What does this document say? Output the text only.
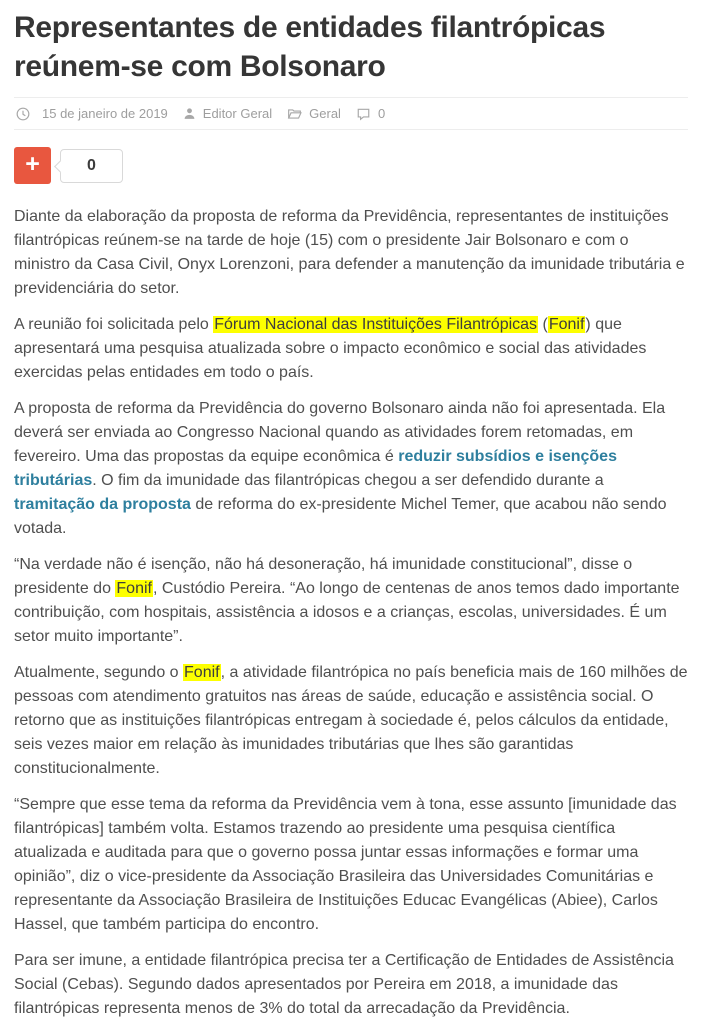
Representantes de entidades filantrópicas reúnem-se com Bolsonaro
15 de janeiro de 2019	Editor Geral	Geral	0
+	0

Diante da elaboração da proposta de reforma da Previdência, representantes de instituições filantrópicas reúnem-se na tarde de hoje (15) com o presidente Jair Bolsonaro e com o ministro da Casa Civil, Onyx Lorenzoni, para defender a manutenção da imunidade tributária e previdenciária do setor.

A reunião foi solicitada pelo Fórum Nacional das Instituições Filantrópicas (Fonif) que apresentará uma pesquisa atualizada sobre o impacto econômico e social das atividades exercidas pelas entidades em todo o país.

A proposta de reforma da Previdência do governo Bolsonaro ainda não foi apresentada. Ela deverá ser enviada ao Congresso Nacional quando as atividades forem retomadas, em fevereiro. Uma das propostas da equipe econômica é reduzir subsídios e isenções tributárias. O fim da imunidade das filantrópicas chegou a ser defendido durante a tramitação da proposta de reforma do ex-presidente Michel Temer, que acabou não sendo votada.

“Na verdade não é isenção, não há desoneração, há imunidade constitucional”, disse o presidente do Fonif, Custódio Pereira. “Ao longo de centenas de anos temos dado importante contribuição, com hospitais, assistência a idosos e a crianças, escolas, universidades. É um setor muito importante”.

Atualmente, segundo o Fonif, a atividade filantrópica no país beneficia mais de 160 milhões de pessoas com atendimento gratuitos nas áreas de saúde, educação e assistência social. O retorno que as instituições filantrópicas entregam à sociedade é, pelos cálculos da entidade, seis vezes maior em relação às imunidades tributárias que lhes são garantidas constitucionalmente.

“Sempre que esse tema da reforma da Previdência vem à tona, esse assunto [imunidade das filantrópicas] também volta. Estamos trazendo ao presidente uma pesquisa científica atualizada e auditada para que o governo possa juntar essas informações e formar uma opinião”, diz o vice-presidente da Associação Brasileira das Universidades Comunitárias e representante da Associação Brasileira de Instituições Educac Evangélicas (Abiee), Carlos Hassel, que também participa do encontro.

Para ser imune, a entidade filantrópica precisa ter a Certificação de Entidades de Assistência Social (Cebas). Segundo dados apresentados por Pereira em 2018, a imunidade das filantrópicas representa menos de 3% do total da arrecadação da Previdência.
